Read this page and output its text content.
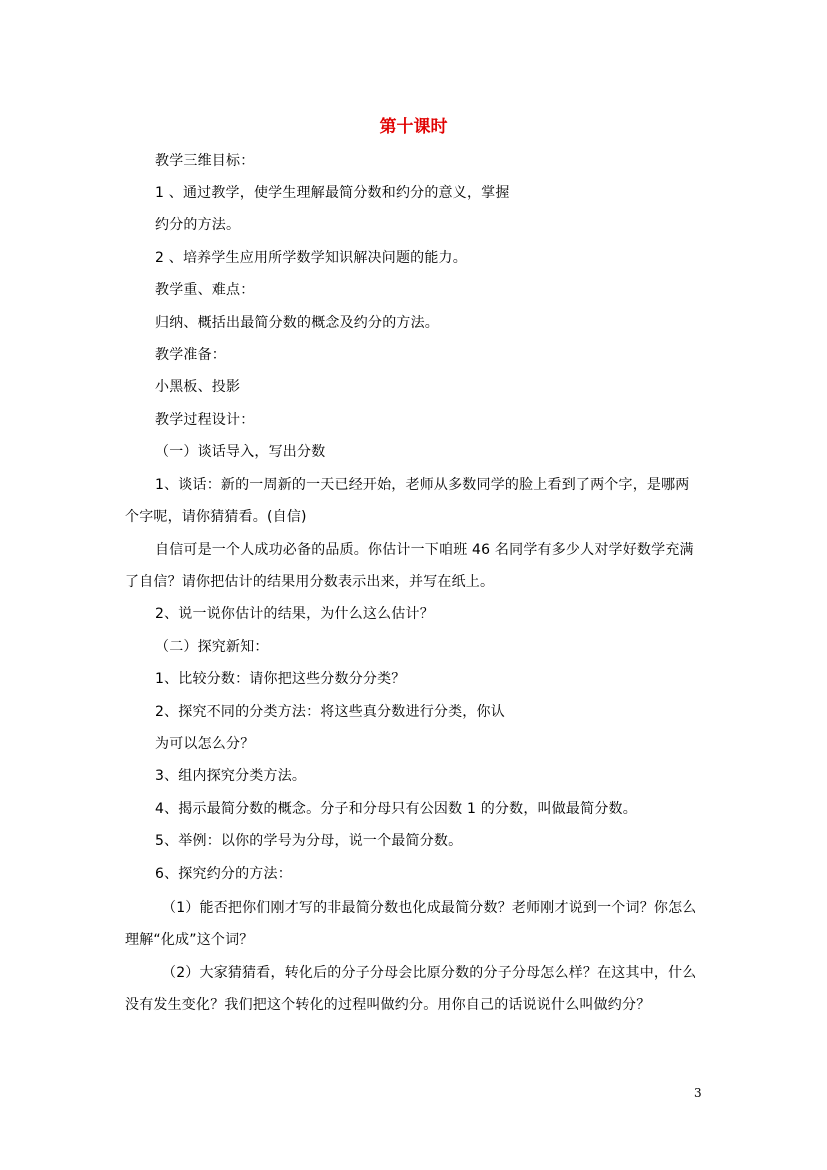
第十课时
教学三维目标：
1 、通过教学，使学生理解最简分数和约分的意义，掌握
约分的方法。
2 、培养学生应用所学数学知识解决问题的能力。
教学重、难点：
归纳、概括出最简分数的概念及约分的方法。
教学准备：
小黑板、投影
教学过程设计：
（一）谈话导入，写出分数
1、谈话：新的一周新的一天已经开始，老师从多数同学的脸上看到了两个字，是哪两
个字呢，请你猜猜看。(自信)
自信可是一个人成功必备的品质。你估计一下咱班 46 名同学有多少人对学好数学充满
了自信？请你把估计的结果用分数表示出来，并写在纸上。
2、说一说你估计的结果，为什么这么估计？
（二）探究新知：
1、比较分数：请你把这些分数分分类？
2、探究不同的分类方法：将这些真分数进行分类，你认
为可以怎么分？
3、组内探究分类方法。
4、揭示最简分数的概念。分子和分母只有公因数 1 的分数，叫做最简分数。
5、举例：以你的学号为分母，说一个最简分数。
6、探究约分的方法：
（1）能否把你们刚才写的非最简分数也化成最简分数？老师刚才说到一个词？你怎么
理解“化成”这个词？
（2）大家猜猜看，转化后的分子分母会比原分数的分子分母怎么样？在这其中，什么
没有发生变化？我们把这个转化的过程叫做约分。用你自己的话说说什么叫做约分？
3
